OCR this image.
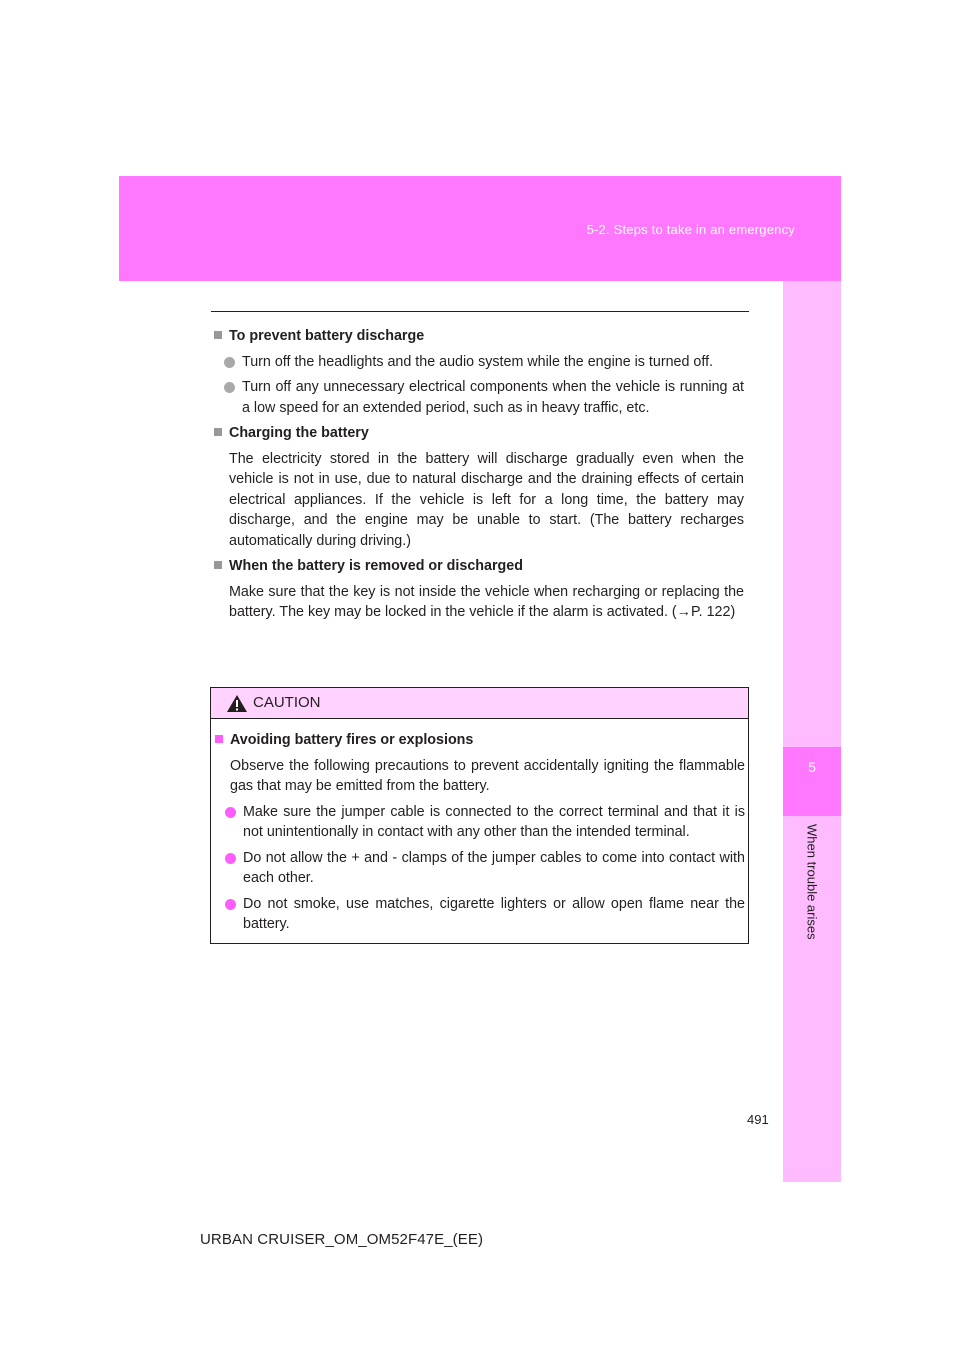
5-2. Steps to take in an emergency
5
When trouble arises

To prevent battery discharge

Turn off the headlights and the audio system while the engine is turned off.

Turn off any unnecessary electrical components when the vehicle is running at a low speed for an extended period, such as in heavy traffic, etc.

Charging the battery

The electricity stored in the battery will discharge gradually even when the vehicle is not in use, due to natural discharge and the draining effects of certain electrical appliances. If the vehicle is left for a long time, the battery may discharge, and the engine may be unable to start. (The battery recharges automatically during driving.)

When the battery is removed or discharged

Make sure that the key is not inside the vehicle when recharging or replacing the battery. The key may be locked in the vehicle if the alarm is activated. (→P. 122)

CAUTION

Avoiding battery fires or explosions

Observe the following precautions to prevent accidentally igniting the flammable gas that may be emitted from the battery.

Make sure the jumper cable is connected to the correct terminal and that it is not unintentionally in contact with any other than the intended terminal.

Do not allow the + and - clamps of the jumper cables to come into contact with each other.

Do not smoke, use matches, cigarette lighters or allow open flame near the battery.

491
URBAN CRUISER_OM_OM52F47E_(EE)
